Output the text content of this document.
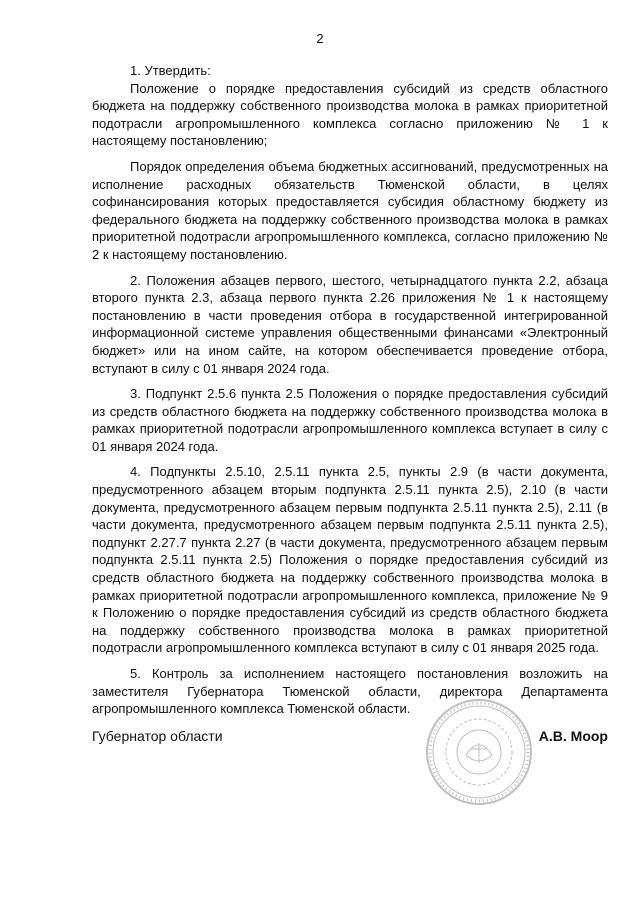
2

1. Утвердить:

Положение о порядке предоставления субсидий из средств областного бюджета на поддержку собственного производства молока в рамках приоритетной подотрасли агропромышленного комплекса согласно приложению № 1 к настоящему постановлению;

Порядок определения объема бюджетных ассигнований, предусмотренных на исполнение расходных обязательств Тюменской области, в целях софинансирования которых предоставляется субсидия областному бюджету из федерального бюджета на поддержку собственного производства молока в рамках приоритетной подотрасли агропромышленного комплекса, согласно приложению № 2 к настоящему постановлению.

2. Положения абзацев первого, шестого, четырнадцатого пункта 2.2, абзаца второго пункта 2.3, абзаца первого пункта 2.26 приложения № 1 к настоящему постановлению в части проведения отбора в государственной интегрированной информационной системе управления общественными финансами «Электронный бюджет» или на ином сайте, на котором обеспечивается проведение отбора, вступают в силу с 01 января 2024 года.

3. Подпункт 2.5.6 пункта 2.5 Положения о порядке предоставления субсидий из средств областного бюджета на поддержку собственного производства молока в рамках приоритетной подотрасли агропромышленного комплекса вступает в силу с 01 января 2024 года.

4. Подпункты 2.5.10, 2.5.11 пункта 2.5, пункты 2.9 (в части документа, предусмотренного абзацем вторым подпункта 2.5.11 пункта 2.5), 2.10 (в части документа, предусмотренного абзацем первым подпункта 2.5.11 пункта 2.5), 2.11 (в части документа, предусмотренного абзацем первым подпункта 2.5.11 пункта 2.5), подпункт 2.27.7 пункта 2.27 (в части документа, предусмотренного абзацем первым подпункта 2.5.11 пункта 2.5) Положения о порядке предоставления субсидий из средств областного бюджета на поддержку собственного производства молока в рамках приоритетной подотрасли агропромышленного комплекса, приложение № 9 к Положению о порядке предоставления субсидий из средств областного бюджета на поддержку собственного производства молока в рамках приоритетной подотрасли агропромышленного комплекса вступают в силу с 01 января 2025 года.

5. Контроль за исполнением настоящего постановления возложить на заместителя Губернатора Тюменской области, директора Департамента агропромышленного комплекса Тюменской области.

Губернатор области	А.В. Моор
